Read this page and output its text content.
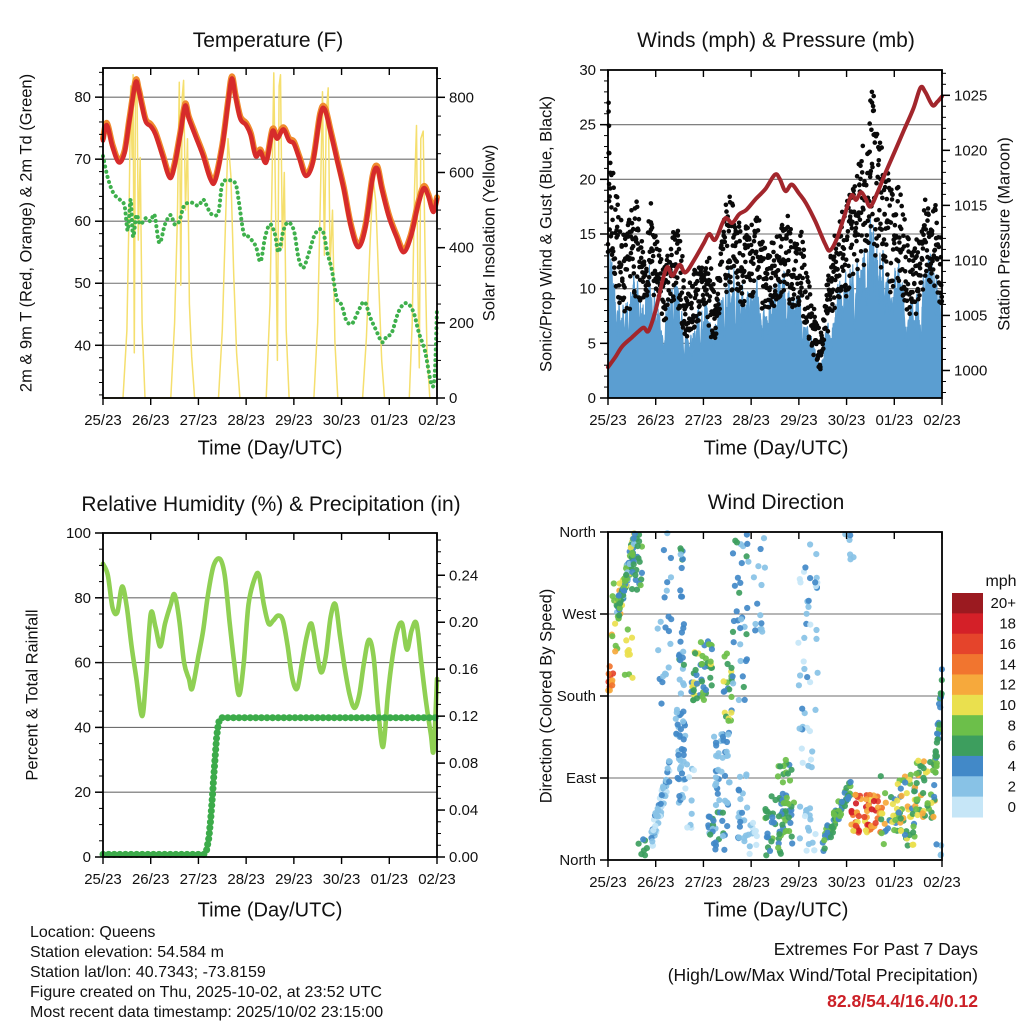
25/23 26/23 27/23 28/23 29/23 30/23 01/23 02/23
40
50
60
70
80
0
200
400
600
800
25/23 26/23 27/23 28/23 29/23 30/23 01/23 02/23
0
5
10
15
20
25
30
1000
1005
1010
1015
1020
1025
25/23 26/23 27/23 28/23 29/23 30/23 01/23 02/23
0
20
40
60
80
100
0.00
0.04
0.08
0.12
0.16
0.20
0.24
25/23 26/23 27/23 28/23 29/23 30/23 01/23 02/23
North
East
South
West
North
20+
18
16
14
12
10
8
6
4
2
0
Temperature (F)
2m & 9m T (Red, Orange) & 2m Td (Green)	Solar Insolation (Yellow)
Time (Day/UTC)
Winds (mph) & Pressure (mb)
Sonic/Prop Wind & Gust (Blue, Black)	Station Pressure (Maroon)
Time (Day/UTC)
Relative Humidity (%) & Precipitation (in)
Percent & Total Rainfall
Time (Day/UTC)
Wind Direction
Direction (Colored By Speed)
Time (Day/UTC)
mph
Location: Queens
Station elevation: 54.584 m
Station lat/lon: 40.7343; -73.8159
Figure created on Thu, 2025-10-02, at 23:52 UTC
Most recent data timestamp: 2025/10/02 23:15:00
Extremes For Past 7 Days
(High/Low/Max Wind/Total Precipitation)
82.8/54.4/16.4/0.12
